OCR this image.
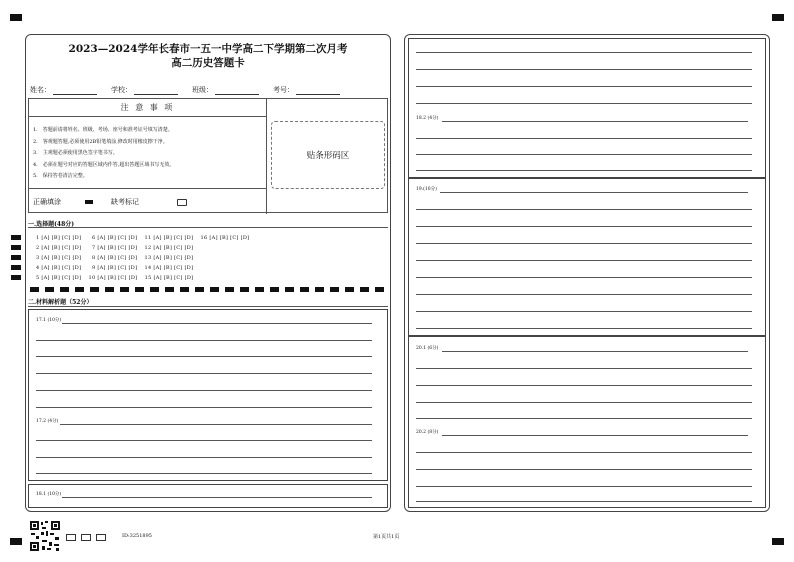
2023—2024学年长春市一五一中学高二下学期第二次月考
高二历史答题卡
姓名：	学校：	班级：	考号：
注 意 事 项
1.　答题前请将姓名、班级、考场、座号和准考证号填写清楚。
2.　客观题答题,必须使用2B铅笔填涂,修改时用橡皮擦干净。
3.　主观题必须使用黑色签字笔书写。
4.　必须在题号对应的答题区域内作答,超出答题区域书写无效。
5.　保持答卷清洁完整。
正确填涂	缺考标记
贴条形码区
一.选择题(48分)
1 [A] [B] [C] [D]　　6 [A] [B] [C] [D]　 11 [A] [B] [C] [D]　 16 [A] [B] [C] [D]
2 [A] [B] [C] [D]　　7 [A] [B] [C] [D]　 12 [A] [B] [C] [D]
3 [A] [B] [C] [D]　　8 [A] [B] [C] [D]　 13 [A] [B] [C] [D]
4 [A] [B] [C] [D]　　9 [A] [B] [C] [D]　 14 [A] [B] [C] [D]
5 [A] [B] [C] [D]　 10 [A] [B] [C] [D]　 15 [A] [B] [C] [D]
二.材料解析题（52分）
17.1 (10分)
17.2 (4分)
18.1 (10分)
18.2 (4分)
19.(10分)
20.1 (6分)
20.2 (8分)
ID:3251895	第1页共1页
